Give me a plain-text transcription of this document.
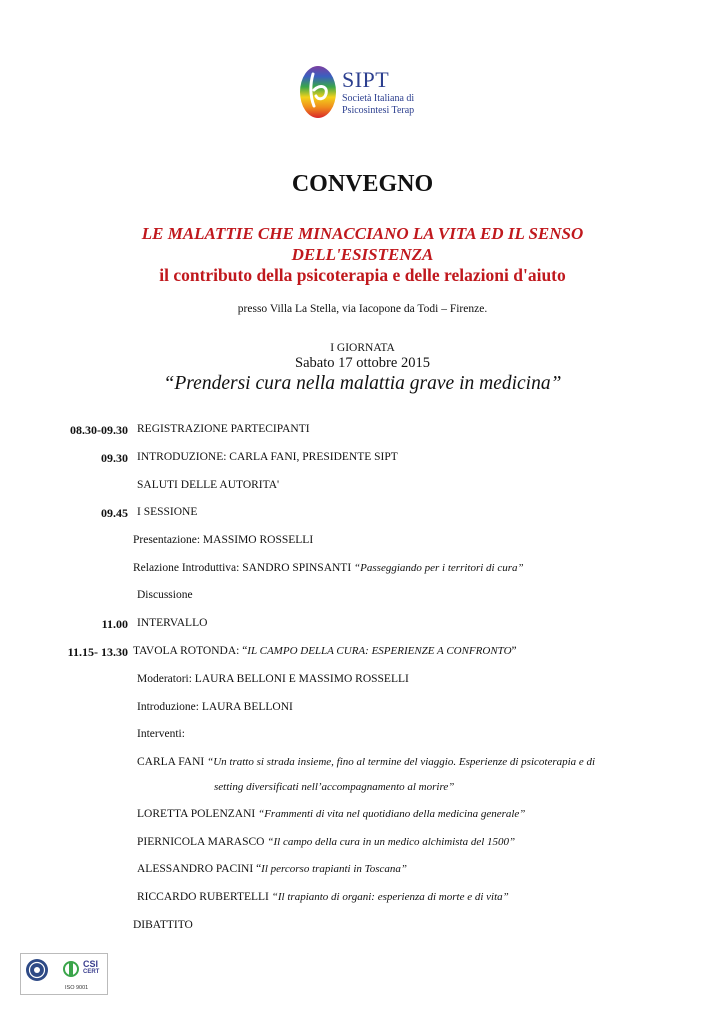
SIPT
Società Italiana di
Psicosintesi Terap
CONVEGNO
LE MALATTIE CHE MINACCIANO LA VITA ED IL SENSO
DELL'ESISTENZA
il contributo della psicoterapia e delle relazioni d'aiuto
presso Villa La Stella, via Iacopone da Todi – Firenze.
I GIORNATA
Sabato 17 ottobre 2015
“Prendersi cura nella malattia grave in medicina”
08.30-09.30 REGISTRAZIONE PARTECIPANTI
09.30 INTRODUZIONE: CARLA FANI, PRESIDENTE SIPT
SALUTI DELLE AUTORITA'
09.45 I SESSIONE
Presentazione: MASSIMO ROSSELLI
Relazione Introduttiva: SANDRO SPINSANTI “Passeggiando per i territori di cura”
Discussione
11.00 INTERVALLO
11.15- 13.30 TAVOLA ROTONDA: “IL CAMPO DELLA CURA: ESPERIENZE A CONFRONTO”
Moderatori: LAURA BELLONI E MASSIMO ROSSELLI
Introduzione: LAURA BELLONI
Interventi:
CARLA FANI “Un tratto si strada insieme, fino al termine del viaggio. Esperienze di psicoterapia e di
setting diversificati nell’accompagnamento al morire”
LORETTA POLENZANI “Frammenti di vita nel quotidiano della medicina generale”
PIERNICOLA MARASCO “Il campo della cura in un medico alchimista del 1500”
ALESSANDRO PACINI “Il percorso trapianti in Toscana”
RICCARDO RUBERTELLI “Il trapianto di organi: esperienza di morte e di vita”
DIBATTITO
CSI
CERT
ISO 9001
